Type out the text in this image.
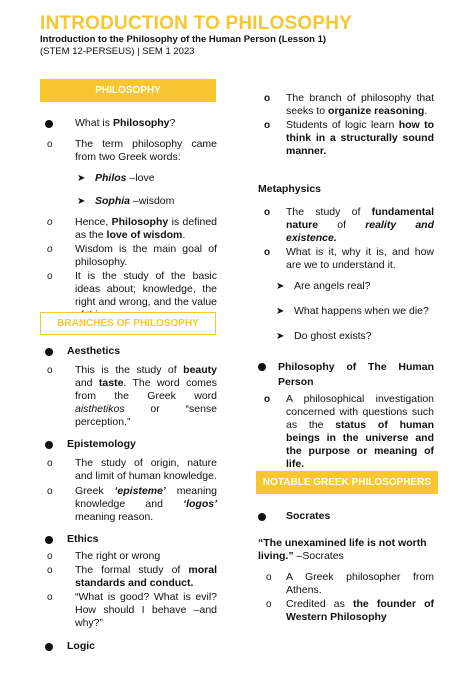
INTRODUCTION TO PHILOSOPHY
Introduction to the Philosophy of the Human Person (Lesson 1)
(STEM 12-PERSEUS) | SEM 1 2023
PHILOSOPHY
What is Philosophy?
o The term philosophy came from two Greek words:
➤ Philos –love
➤ Sophia –wisdom
o Hence, Philosophy is defined as the love of wisdom.
o Wisdom is the main goal of philosophy.
o It is the study of the basic ideas about; knowledge, the right and wrong, and the value
BRANCHES OF PHILOSOPHY
Aesthetics
o This is the study of beauty and taste. The word comes from the Greek word aisthetikos or “sense perception.”
Epistemology
o The study of origin, nature and limit of human knowledge.
o Greek ‘episteme’ meaning knowledge and ‘logos’ meaning reason.
Ethics
o The right or wrong
o The formal study of moral standards and conduct.
o “What is good? What is evil? How should I behave –and why?”
Logic
o The branch of philosophy that seeks to organize reasoning.
o Students of logic learn how to think in a structurally sound manner.
Metaphysics
o The study of fundamental nature of reality and existence.
o What is it, why it is, and how are we to understand it.
➤ Are angels real?
➤ What happens when we die?
➤ Do ghost exists?
Philosophy of The Human Person
o A philosophical investigation concerned with questions such as the status of human beings in the universe and the purpose or meaning of life.
NOTABLE GREEK PHILOSOPHERS
Socrates
“The unexamined life is not worth living.” –Socrates
o A Greek philosopher from Athens.
o Credited as the founder of Western Philosophy
